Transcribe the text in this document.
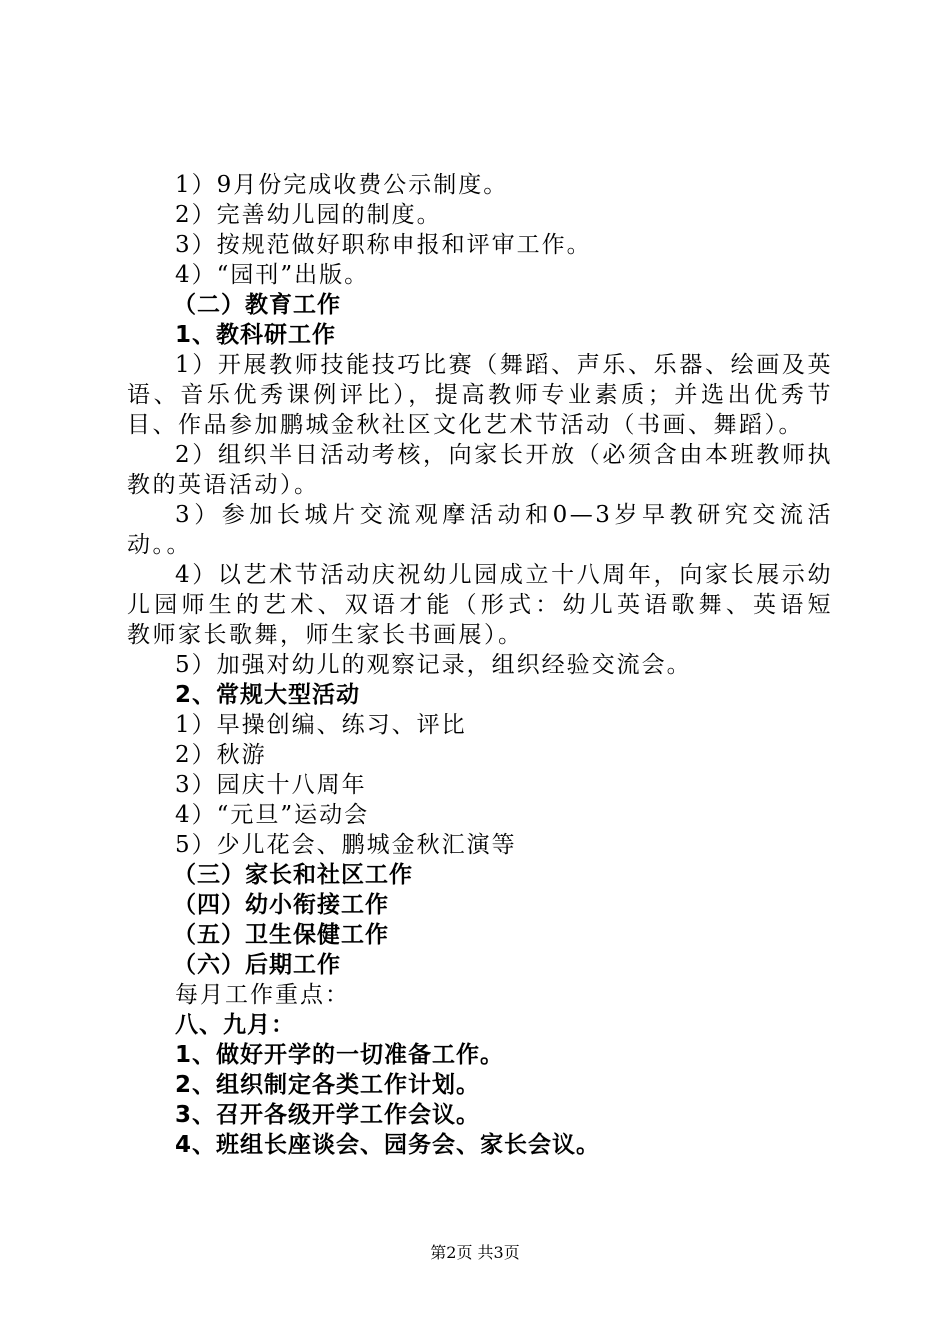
1）9月份完成收费公示制度。
2）完善幼儿园的制度。
3）按规范做好职称申报和评审工作。
4）“园刊”出版。
（二）教育工作
1、教科研工作
1）开展教师技能技巧比赛（舞蹈、声乐、乐器、绘画及英
语、音乐优秀课例评比），提高教师专业素质；并选出优秀节
目、作品参加鹏城金秋社区文化艺术节活动（书画、舞蹈）。
2）组织半日活动考核，向家长开放（必须含由本班教师执
教的英语活动）。
3）参加长城片交流观摩活动和0—3岁早教研究交流活
动。。
4）以艺术节活动庆祝幼儿园成立十八周年，向家长展示幼
儿园师生的艺术、双语才能（形式：幼儿英语歌舞、英语短
教师家长歌舞，师生家长书画展）。
5）加强对幼儿的观察记录，组织经验交流会。
2、常规大型活动
1）早操创编、练习、评比
2）秋游
3）园庆十八周年
4）“元旦”运动会
5）少儿花会、鹏城金秋汇演等
（三）家长和社区工作
（四）幼小衔接工作
（五）卫生保健工作
（六）后期工作
每月工作重点：
八、九月：
1、做好开学的一切准备工作。
2、组织制定各类工作计划。
3、召开各级开学工作会议。
4、班组长座谈会、园务会、家长会议。
第2页 共3页
